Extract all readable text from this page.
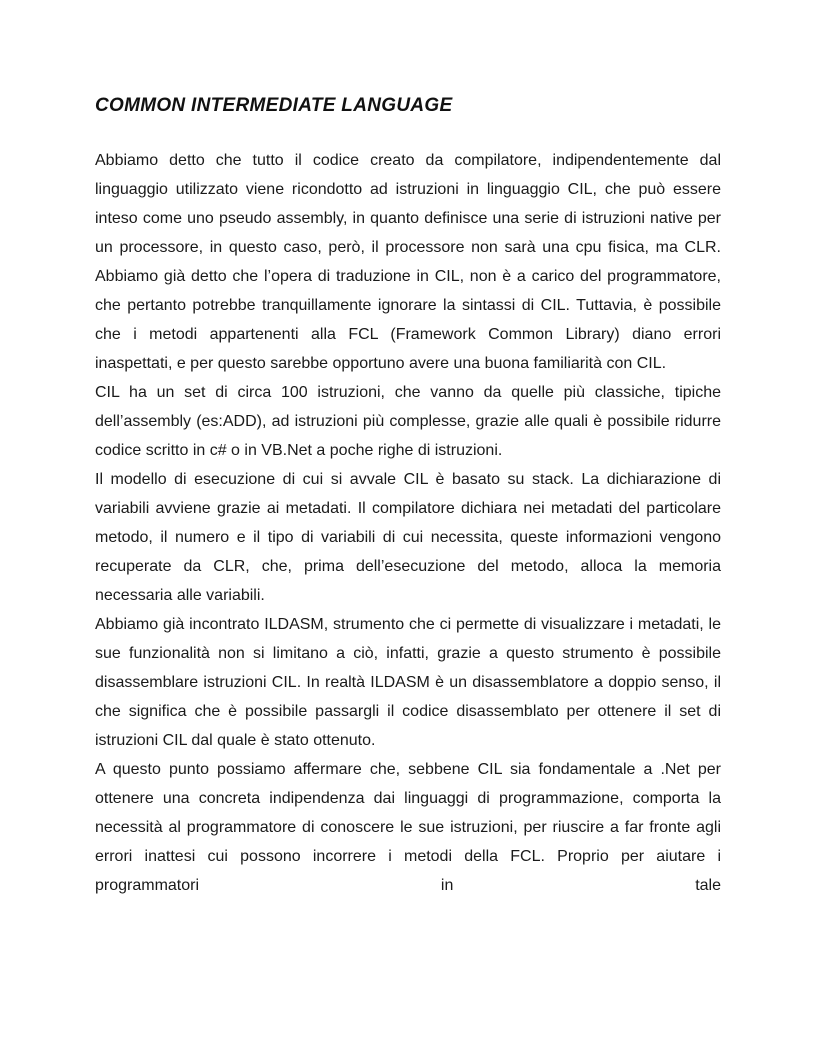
COMMON INTERMEDIATE LANGUAGE

Abbiamo detto che tutto il codice creato da compilatore, indipendentemente dal linguaggio utilizzato viene ricondotto ad istruzioni in linguaggio CIL, che può essere inteso come uno pseudo assembly, in quanto definisce una serie di istruzioni native per un processore, in questo caso, però, il processore non sarà una cpu fisica, ma CLR. Abbiamo già detto che l’opera di traduzione in CIL, non è a carico del programmatore, che pertanto potrebbe tranquillamente ignorare la sintassi di CIL. Tuttavia, è possibile che i metodi appartenenti alla FCL (Framework Common Library) diano errori inaspettati, e per questo sarebbe opportuno avere una buona familiarità con CIL.

CIL ha un set di circa 100 istruzioni, che vanno da quelle più classiche, tipiche dell’assembly (es:ADD), ad istruzioni più complesse, grazie alle quali è possibile ridurre codice scritto in c# o in VB.Net a poche righe di istruzioni.

Il modello di esecuzione di cui si avvale CIL è basato su stack. La dichiarazione di variabili avviene grazie ai metadati. Il compilatore dichiara nei metadati del particolare metodo, il numero e il tipo di variabili di cui necessita, queste informazioni vengono recuperate da CLR, che, prima dell’esecuzione del metodo, alloca la memoria necessaria alle variabili.

Abbiamo già incontrato ILDASM, strumento che ci permette di visualizzare i metadati, le sue funzionalità non si limitano a ciò, infatti, grazie a questo strumento è possibile disassemblare istruzioni CIL. In realtà ILDASM è un disassemblatore a doppio senso, il che significa che è possibile passargli il codice disassemblato per ottenere il set di istruzioni CIL dal quale è stato ottenuto.

A questo punto possiamo affermare che, sebbene CIL sia fondamentale a .Net per ottenere una concreta indipendenza dai linguaggi di programmazione, comporta la necessità al programmatore di conoscere le sue istruzioni, per riuscire a far fronte agli errori inattesi cui possono incorrere i metodi della FCL. Proprio per aiutare i programmatori in tale
